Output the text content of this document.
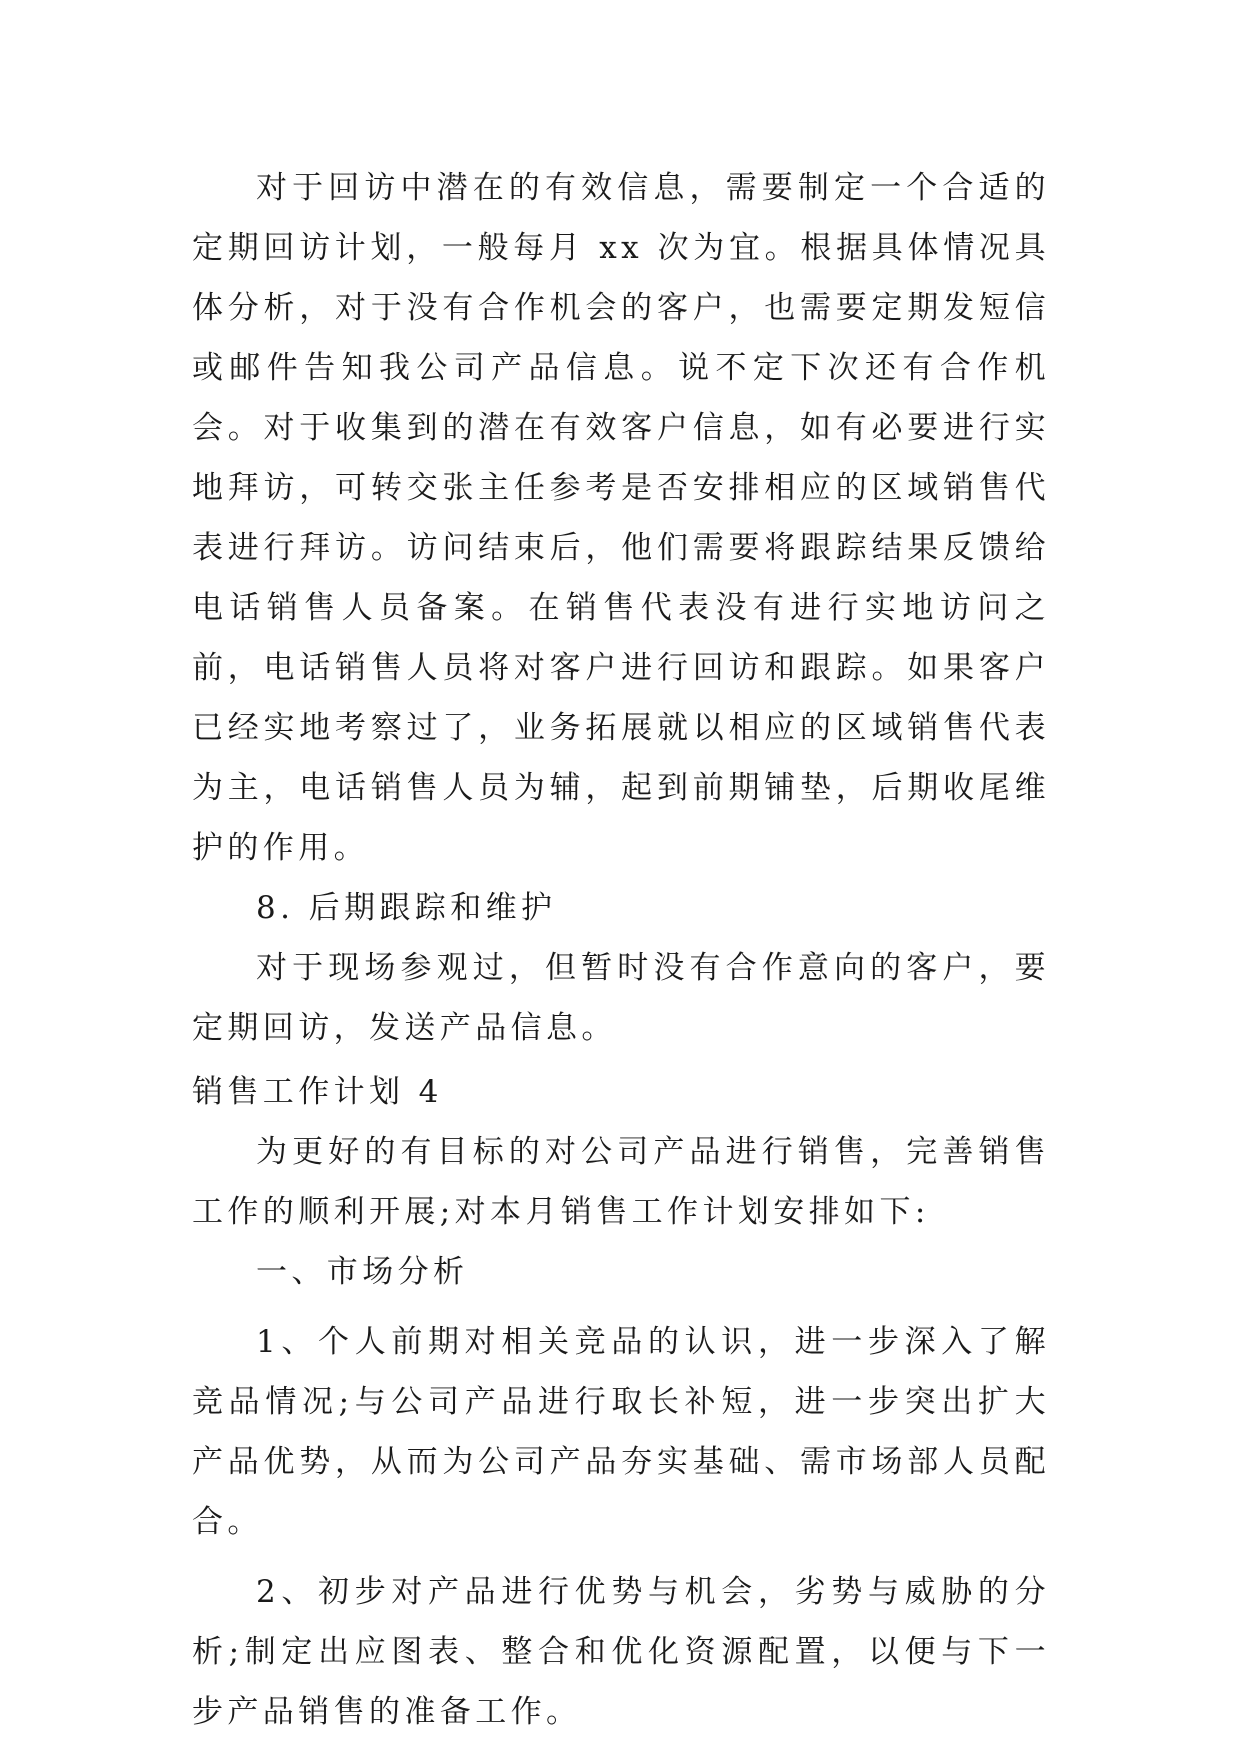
对于回访中潜在的有效信息，需要制定一个合适的定期回访计划，一般每月 xx 次为宜。根据具体情况具体分析，对于没有合作机会的客户，也需要定期发短信或邮件告知我公司产品信息。说不定下次还有合作机会。对于收集到的潜在有效客户信息，如有必要进行实地拜访，可转交张主任参考是否安排相应的区域销售代表进行拜访。访问结束后，他们需要将跟踪结果反馈给电话销售人员备案。在销售代表没有进行实地访问之前，电话销售人员将对客户进行回访和跟踪。如果客户已经实地考察过了，业务拓展就以相应的区域销售代表为主，电话销售人员为辅，起到前期铺垫，后期收尾维护的作用。

8. 后期跟踪和维护

对于现场参观过，但暂时没有合作意向的客户，要定期回访，发送产品信息。

销售工作计划 4

为更好的有目标的对公司产品进行销售，完善销售工作的顺利开展;对本月销售工作计划安排如下:

一、市场分析

1、个人前期对相关竞品的认识，进一步深入了解竞品情况;与公司产品进行取长补短，进一步突出扩大产品优势，从而为公司产品夯实基础、需市场部人员配合。

2、初步对产品进行优势与机会，劣势与威胁的分析;制定出应图表、整合和优化资源配置，以便与下一步产品销售的准备工作。
